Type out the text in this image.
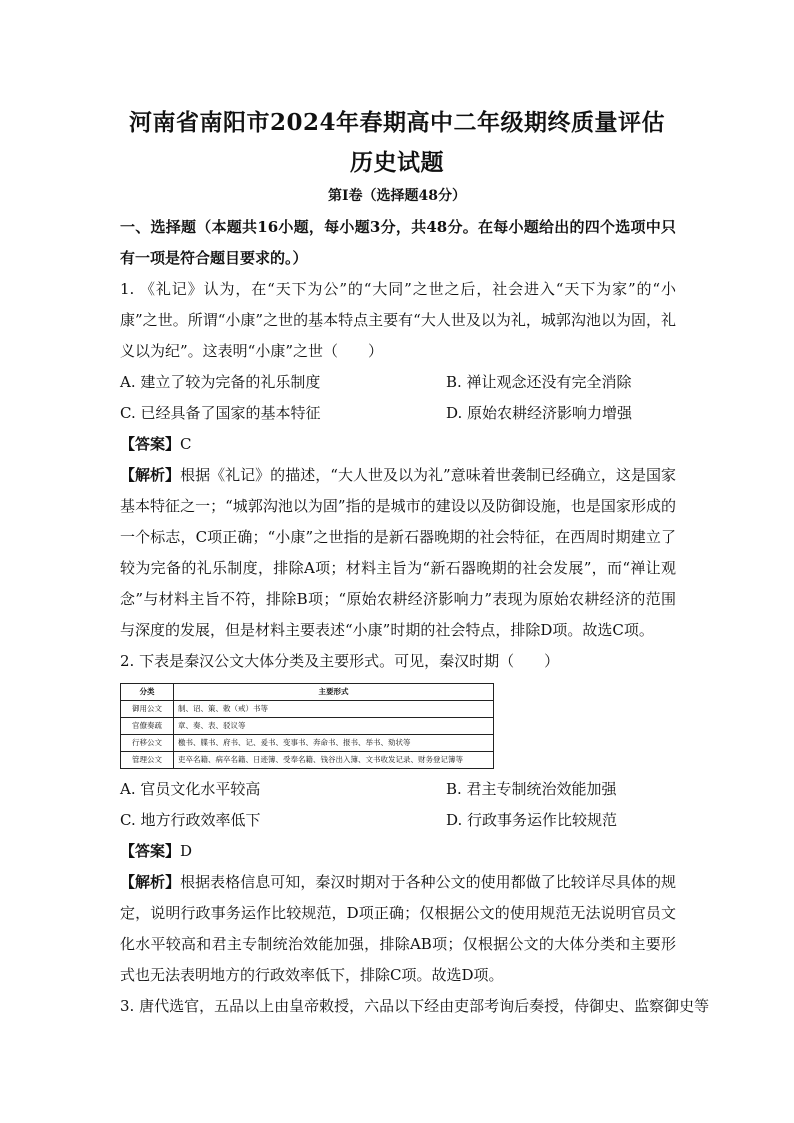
河南省南阳市2024年春期高中二年级期终质量评估
历史试题
第I卷（选择题48分）

一、选择题（本题共16小题，每小题3分，共48分。在每小题给出的四个选项中只有一项是符合题目要求的。）

1. 《礼记》认为，在“天下为公”的“大同”之世之后，社会进入“天下为家”的“小康”之世。所谓“小康”之世的基本特点主要有“大人世及以为礼，城郭沟池以为固，礼义以为纪”。这表明“小康”之世（　　）

A. 建立了较为完备的礼乐制度	B. 禅让观念还没有完全消除
C. 已经具备了国家的基本特征	D. 原始农耕经济影响力增强

【答案】C

【解析】根据《礼记》的描述，“大人世及以为礼”意味着世袭制已经确立，这是国家基本特征之一；“城郭沟池以为固”指的是城市的建设以及防御设施，也是国家形成的一个标志，C项正确；“小康”之世指的是新石器晚期的社会特征，在西周时期建立了较为完备的礼乐制度，排除A项；材料主旨为“新石器晚期的社会发展”，而“禅让观念”与材料主旨不符，排除B项；“原始农耕经济影响力”表现为原始农耕经济的范围与深度的发展，但是材料主要表述“小康”时期的社会特点，排除D项。故选C项。

2. 下表是秦汉公文大体分类及主要形式。可见，秦汉时期（　　）

分类	主要形式
御用公文	制、诏、策、敕（戒）书等
官僚奏疏	章、奏、表、驳议等
行移公文	檄书、牒书、府书、记、爰书、变事书、奔命书、报书、举书、劾状等
管理公文	吏卒名籍、病卒名籍、日迹簿、受奉名籍、钱谷出入簿、文书收发记录、财务登记簿等
A. 官员文化水平较高	B. 君主专制统治效能加强
C. 地方行政效率低下	D. 行政事务运作比较规范

【答案】D

【解析】根据表格信息可知，秦汉时期对于各种公文的使用都做了比较详尽具体的规定，说明行政事务运作比较规范，D项正确；仅根据公文的使用规范无法说明官员文化水平较高和君主专制统治效能加强，排除AB项；仅根据公文的大体分类和主要形式也无法表明地方的行政效率低下，排除C项。故选D项。

3. 唐代选官，五品以上由皇帝敕授，六品以下经由吏部考询后奏授，侍御史、监察御史等
